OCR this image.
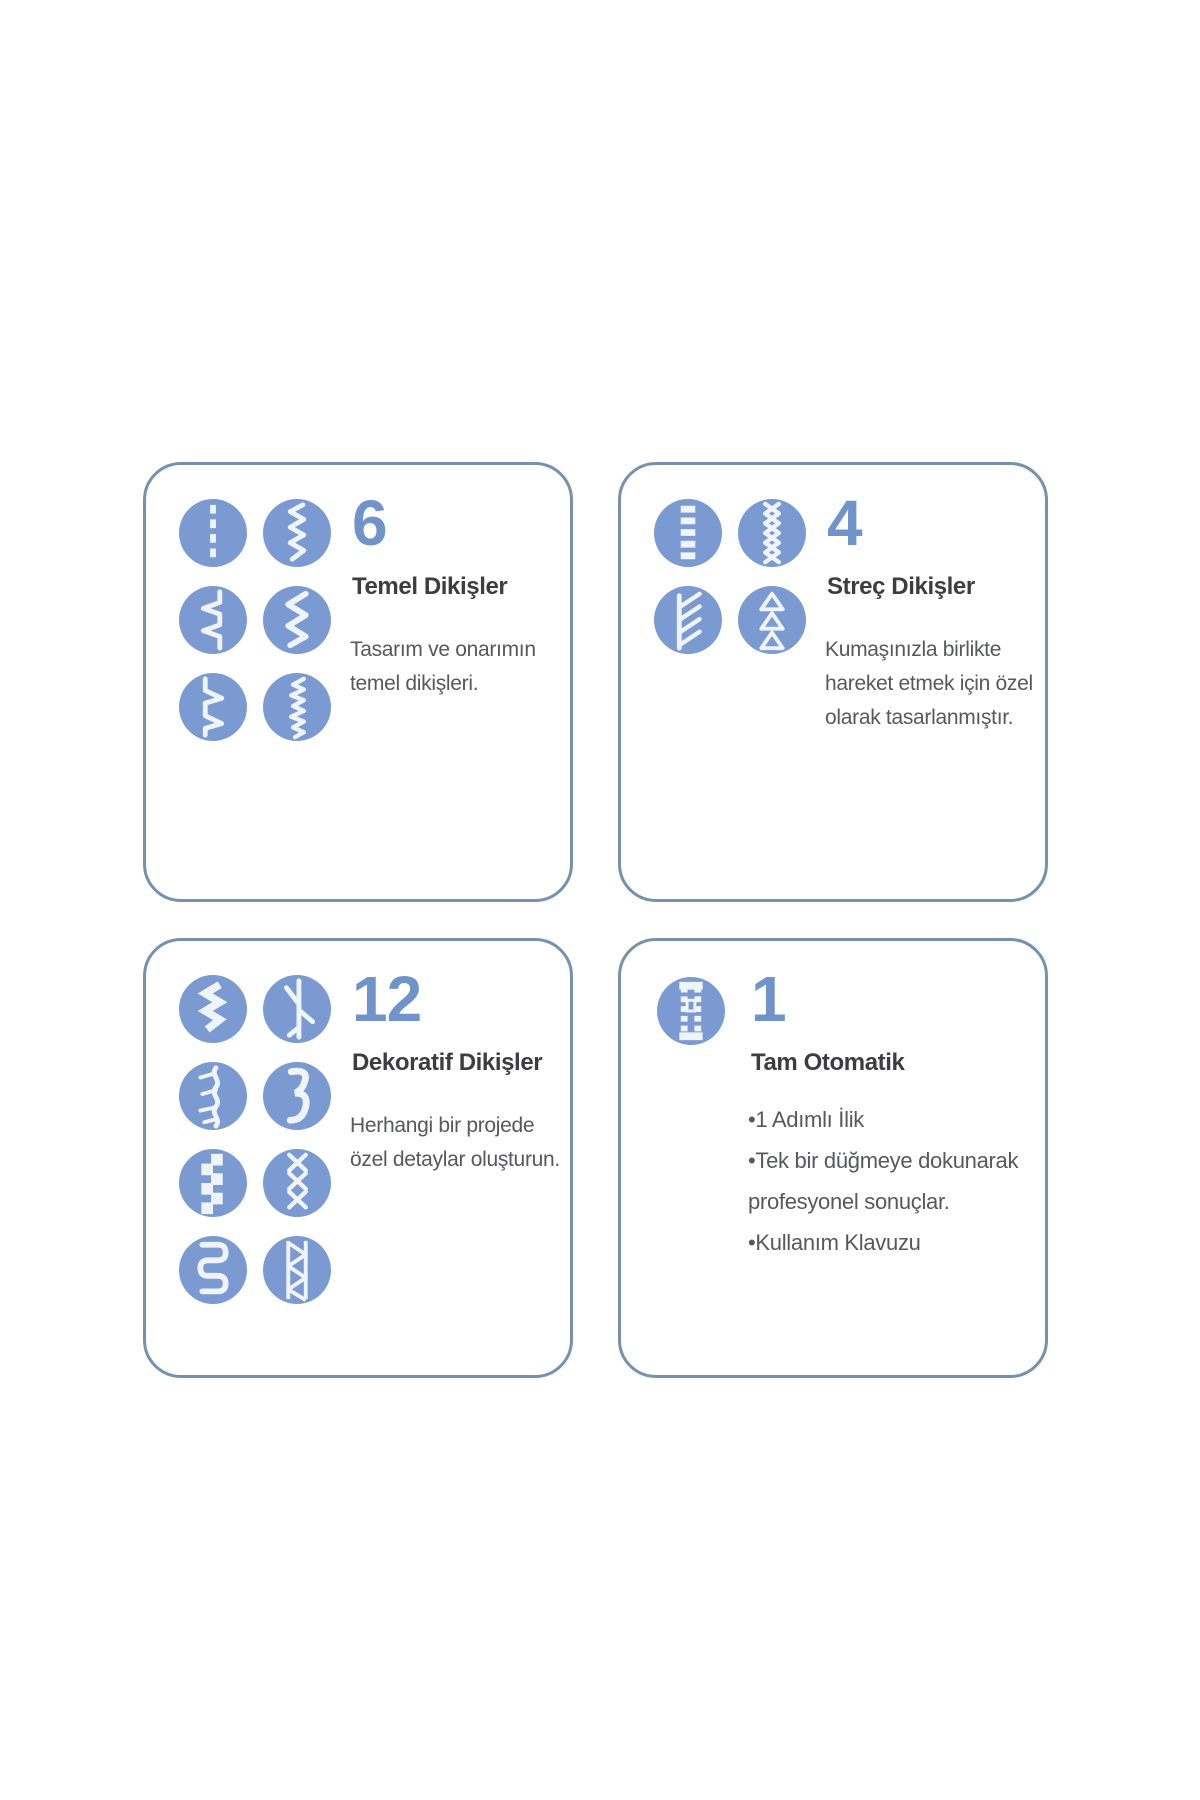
6
Temel Dikişler
Tasarım ve onarımın
temel dikişleri.
4
Streç Dikişler
Kumaşınızla birlikte
hareket etmek için özel
olarak tasarlanmıştır.
12
Dekoratif Dikişler
Herhangi bir projede
özel detaylar oluşturun.
1
Tam Otomatik
•1 Adımlı İlik
•Tek bir düğmeye dokunarak
profesyonel sonuçlar.
•Kullanım Klavuzu
